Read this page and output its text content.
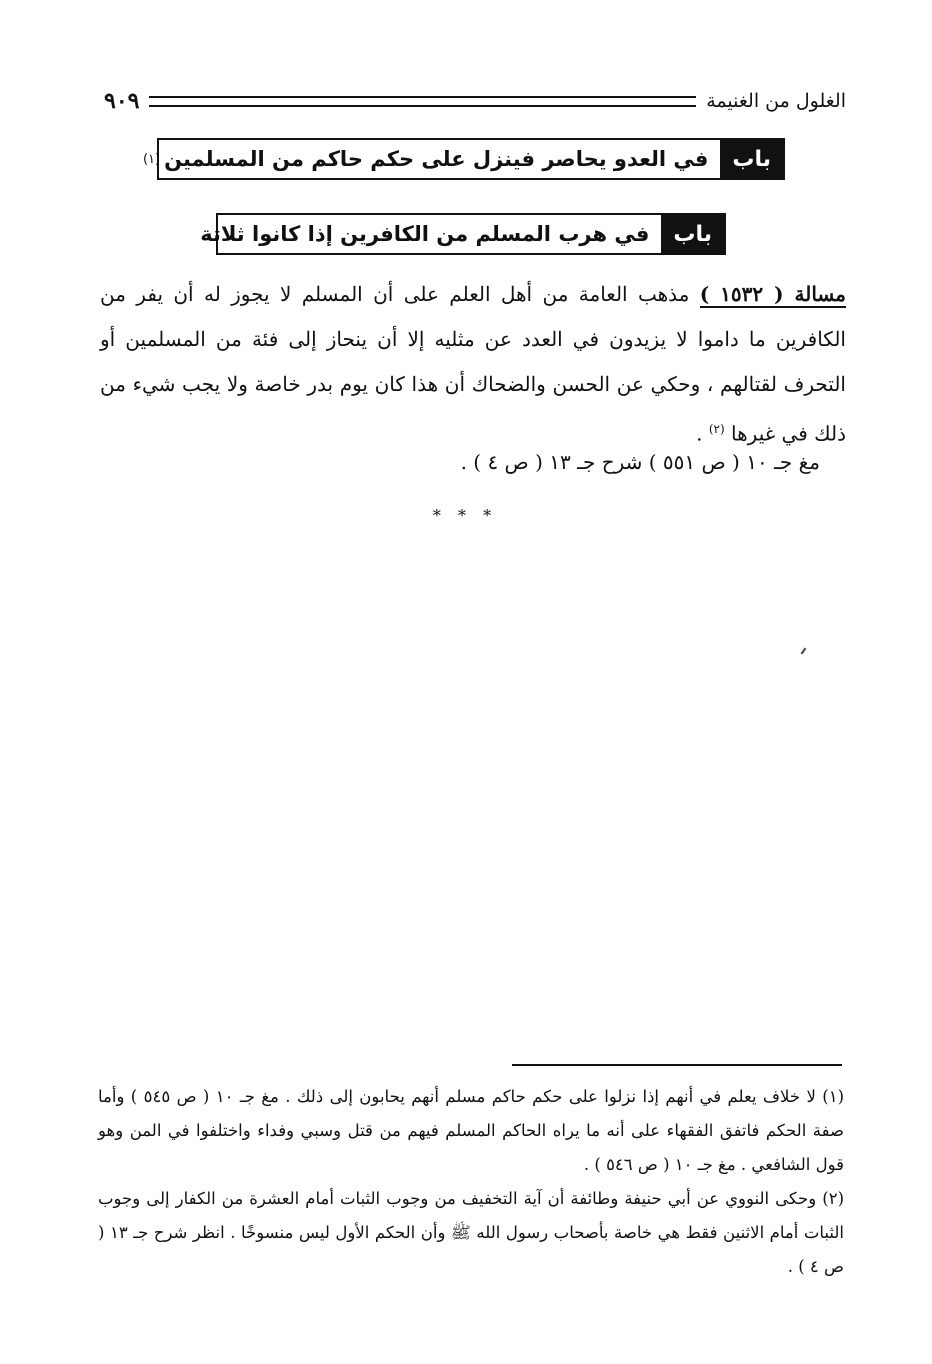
الغلول من الغنيمة
٩٠٩
باب
في العدو يحاصر فينزل على حكم حاكم من المسلمين
(١)
باب
في هرب المسلم من الكافرين إذا كانوا ثلاثة
مسالة ( ١٥٣٢ ) مذهب العامة من أهل العلم على أن المسلم لا يجوز له أن يفر من الكافرين ما داموا لا يزيدون في العدد عن مثليه إلا أن ينحاز إلى فئة من المسلمين أو التحرف لقتالهم ، وحكي عن الحسن والضحاك أن هذا كان يوم بدر خاصة ولا يجب شيء من ذلك في غيرها $^{(٢)}$ .
مغ جـ ١٠ ( ص ٥٥١ ) شرح جـ ١٣ ( ص ٤ ) .
* * *

(١) لا خلاف يعلم في أنهم إذا نزلوا على حكم حاكم مسلم أنهم يحابون إلى ذلك . مغ جـ ١٠ ( ص ٥٤٥ ) وأما صفة الحكم فاتفق الفقهاء على أنه ما يراه الحاكم المسلم فيهم من قتل وسبي وفداء واختلفوا في المن وهو قول الشافعي . مغ جـ ١٠ ( ص ٥٤٦ ) .

(٢) وحكى النووي عن أبي حنيفة وطائفة أن آية التخفيف من وجوب الثبات أمام العشرة من الكفار إلى وجوب الثبات أمام الاثنين فقط هي خاصة بأصحاب رسول الله ﷺ وأن الحكم الأول ليس منسوخًا . انظر شرح جـ ١٣ ( ص ٤ ) .
